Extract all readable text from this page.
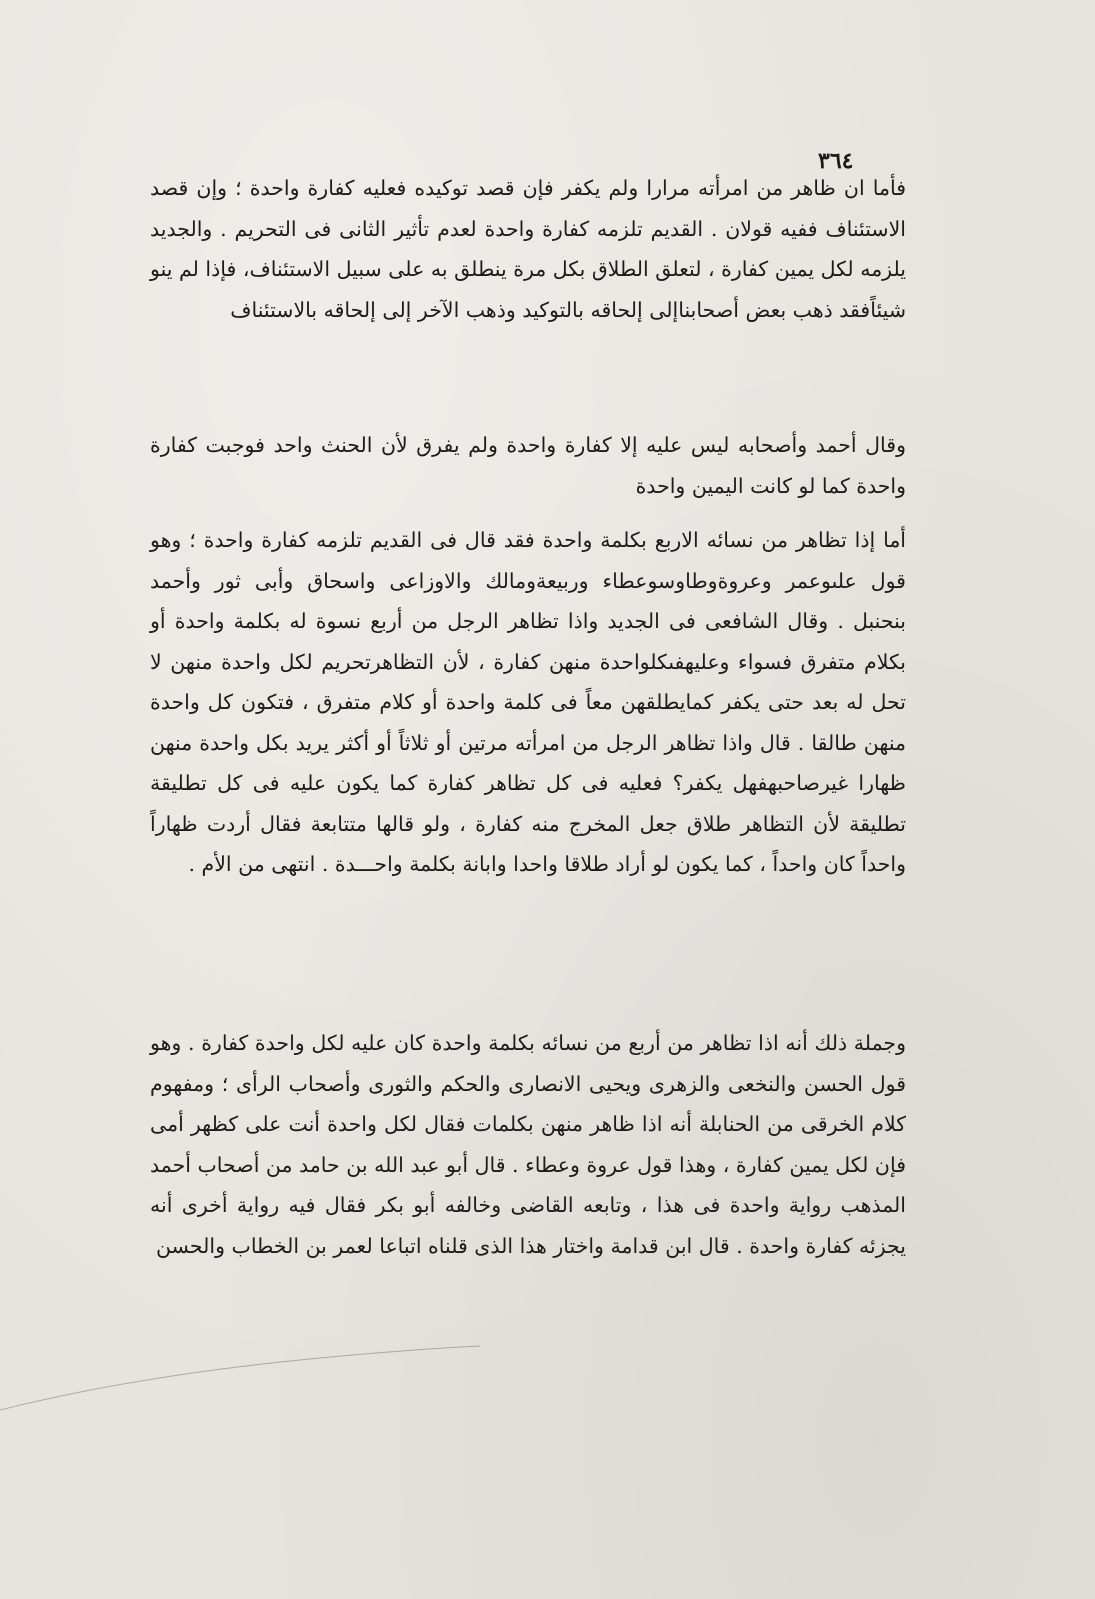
٣٦٤

فأما ان ظاهر من امرأته مرارا ولم يكفر فإن قصد توكيده فعليه كفارة واحدة ؛ وإن قصد الاستئناف ففيه قولان . القديم تلزمه كفارة واحدة لعدم تأثير الثانى فى التحريم . والجديد يلزمه لكل يمين كفارة ، لتعلق الطلاق بكل مرة ينطلق به على سبيل الاستئناف، فإذا لم ينو شيئاًفقد ذهب بعض أصحابناإلى إلحاقه بالتوكيد وذهب الآخر إلى إلحاقه بالاستئناف

وقال أحمد وأصحابه ليس عليه إلا كفارة واحدة ولم يفرق لأن الحنث واحد فوجبت كفارة واحدة كما لو كانت اليمين واحدة

أما إذا تظاهر من نسائه الاربع بكلمة واحدة فقد قال فى القديم تلزمه كفارة واحدة ؛ وهو قول علىوعمر وعروةوطاوسوعطاء وربيعةومالك والاوزاعى واسحاق وأبى ثور وأحمد بنحنبل . وقال الشافعى فى الجديد واذا تظاهر الرجل من أربع نسوة له بكلمة واحدة أو بكلام متفرق فسواء وعليهفىكلواحدة منهن كفارة ، لأن التظاهرتحريم لكل واحدة منهن لا تحل له بعد حتى يكفر كمايطلقهن معاً فى كلمة واحدة أو كلام متفرق ، فتكون كل واحدة منهن طالقا . قال واذا تظاهر الرجل من امرأته مرتين أو ثلاثاً أو أكثر يريد بكل واحدة منهن ظهارا غيرصاحبهفهل يكفر؟ فعليه فى كل تظاهر كفارة كما يكون عليه فى كل تطليقة تطليقة لأن التظاهر طلاق جعل المخرج منه كفارة ، ولو قالها متتابعة فقال أردت ظهاراً واحداً كان واحداً ، كما يكون لو أراد طلاقا واحدا وابانة بكلمة واحـــدة . انتهى من الأم .

وجملة ذلك أنه اذا تظاهر من أربع من نسائه بكلمة واحدة كان عليه لكل واحدة كفارة . وهو قول الحسن والنخعى والزهرى ويحيى الانصارى والحكم والثورى وأصحاب الرأى ؛ ومفهوم كلام الخرقى من الحنابلة أنه اذا ظاهر منهن بكلمات فقال لكل واحدة أنت على كظهر أمى فإن لكل يمين كفارة ، وهذا قول عروة وعطاء . قال أبو عبد الله بن حامد من أصحاب أحمد المذهب رواية واحدة فى هذا ، وتابعه القاضى وخالفه أبو بكر فقال فيه رواية أخرى أنه يجزئه كفارة واحدة . قال ابن قدامة واختار هذا الذى قلناه اتباعا لعمر بن الخطاب والحسن
